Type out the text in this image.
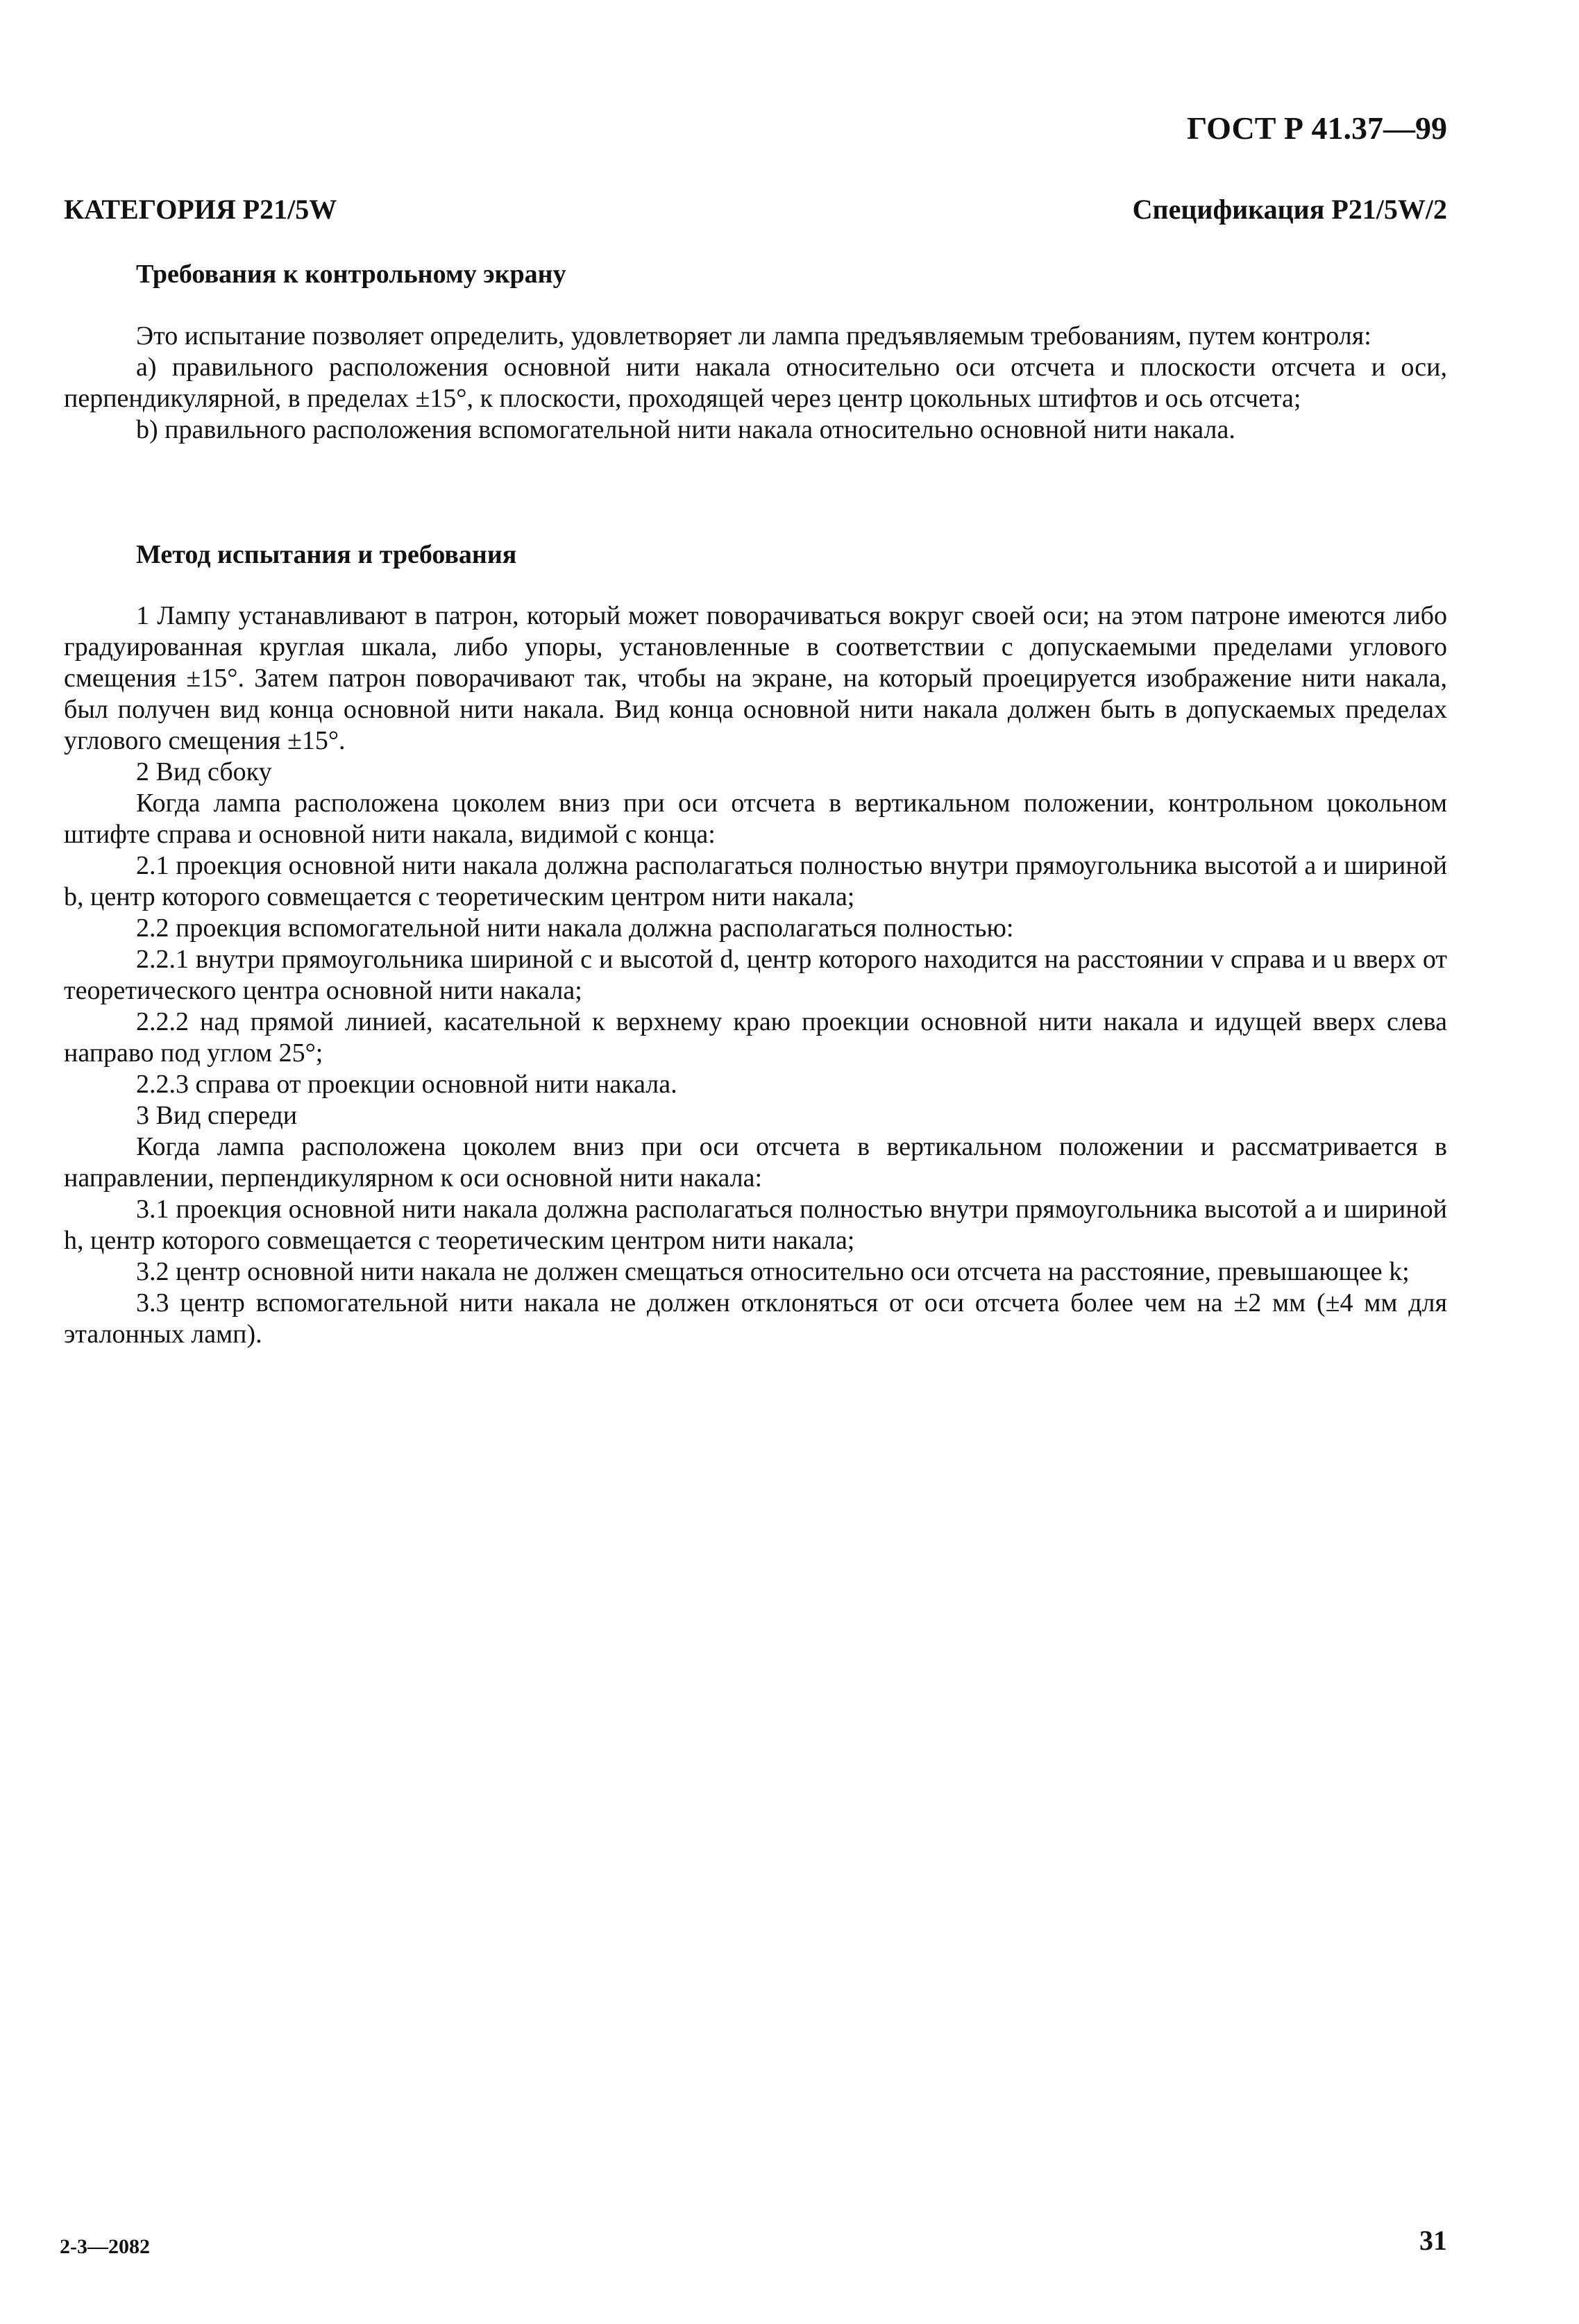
ГОСТ Р 41.37—99
КАТЕГОРИЯ P21/5W	Спецификация P21/5W/2
Требования к контрольному экрану

Это испытание позволяет определить, удовлетворяет ли лампа предъявляемым требованиям, путем контроля:

a) правильного расположения основной нити накала относительно оси отсчета и плоскости отсчета и оси, перпендикулярной, в пределах ±15°, к плоскости, проходящей через центр цокольных штифтов и ось отсчета;

b) правильного расположения вспомогательной нити накала относительно основной нити накала.

Метод испытания и требования

1 Лампу устанавливают в патрон, который может поворачиваться вокруг своей оси; на этом патроне имеются либо градуированная круглая шкала, либо упоры, установленные в соответствии с допускаемыми пределами углового смещения ±15°. Затем патрон поворачивают так, чтобы на экране, на который проецируется изображение нити накала, был получен вид конца основной нити накала. Вид конца основной нити накала должен быть в допускаемых пределах углового смещения ±15°.

2 Вид сбоку

Когда лампа расположена цоколем вниз при оси отсчета в вертикальном положении, контрольном цокольном штифте справа и основной нити накала, видимой с конца:

2.1 проекция основной нити накала должна располагаться полностью внутри прямоугольника высотой a и шириной b, центр которого совмещается с теоретическим центром нити накала;

2.2 проекция вспомогательной нити накала должна располагаться полностью:

2.2.1 внутри прямоугольника шириной c и высотой d, центр которого находится на расстоянии v справа и u вверх от теоретического центра основной нити накала;

2.2.2 над прямой линией, касательной к верхнему краю проекции основной нити накала и идущей вверх слева направо под углом 25°;

2.2.3 справа от проекции основной нити накала.

3 Вид спереди

Когда лампа расположена цоколем вниз при оси отсчета в вертикальном положении и рассматривается в направлении, перпендикулярном к оси основной нити накала:

3.1 проекция основной нити накала должна располагаться полностью внутри прямоугольника высотой a и шириной h, центр которого совмещается с теоретическим центром нити накала;

3.2 центр основной нити накала не должен смещаться относительно оси отсчета на расстояние, превышающее k;

3.3 центр вспомогательной нити накала не должен отклоняться от оси отсчета более чем на ±2 мм (±4 мм для эталонных ламп).

2-3—2082	31
